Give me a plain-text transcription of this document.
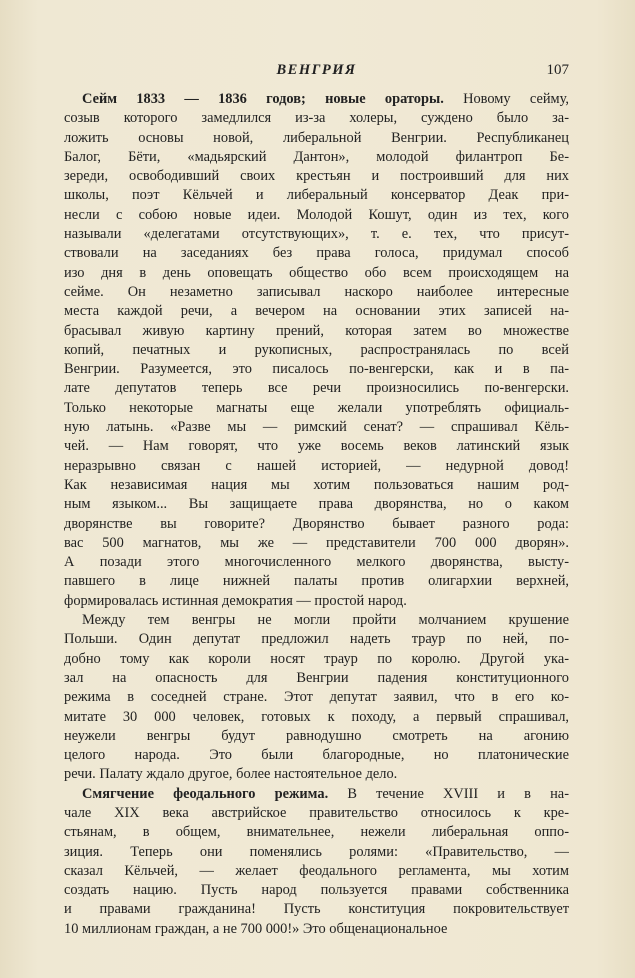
ВЕНГРИЯ	107
Сейм 1833 — 1836 годов; новые ораторы. Новому сейму,
созыв которого замедлился из-за холеры, суждено было за-
ложить основы новой, либеральной Венгрии. Республиканец
Балог, Бёти, «мадьярский Дантон», молодой филантроп Бе-
зереди, освободивший своих крестьян и построивший для них
школы, поэт Кёльчей и либеральный консерватор Деак при-
несли с собою новые идеи. Молодой Кошут, один из тех, кого
называли «делегатами отсутствующих», т. е. тех, что присут-
ствовали на заседаниях без права голоса, придумал способ
изо дня в день оповещать общество обо всем происходящем на
сейме. Он незаметно записывал наскоро наиболее интересные
места каждой речи, а вечером на основании этих записей на-
брасывал живую картину прений, которая затем во множестве
копий, печатных и рукописных, распространялась по всей
Венгрии. Разумеется, это писалось по-венгерски, как и в па-
лате депутатов теперь все речи произносились по-венгерски.
Только некоторые магнаты еще желали употреблять официаль-
ную латынь. «Разве мы — римский сенат? — спрашивал Кёль-
чей. — Нам говорят, что уже восемь веков латинский язык
неразрывно связан с нашей историей, — недурной довод!
Как независимая нация мы хотим пользоваться нашим род-
ным языком... Вы защищаете права дворянства, но о каком
дворянстве вы говорите? Дворянство бывает разного рода:
вас 500 магнатов, мы же — представители 700 000 дворян».
А позади этого многочисленного мелкого дворянства, высту-
павшего в лице нижней палаты против олигархии верхней,
формировалась истинная демократия — простой народ.
Между тем венгры не могли пройти молчанием крушение
Польши. Один депутат предложил надеть траур по ней, по-
добно тому как короли носят траур по королю. Другой ука-
зал на опасность для Венгрии падения конституционного
режима в соседней стране. Этот депутат заявил, что в его ко-
митате 30 000 человек, готовых к походу, а первый спрашивал,
неужели венгры будут равнодушно смотреть на агонию
целого народа. Это были благородные, но платонические
речи. Палату ждало другое, более настоятельное дело.
Смягчение феодального режима. В течение XVIII и в на-
чале XIX века австрийское правительство относилось к кре-
стьянам, в общем, внимательнее, нежели либеральная оппо-
зиция. Теперь они поменялись ролями: «Правительство, —
сказал Кёльчей, — желает феодального регламента, мы хотим
создать нацию. Пусть народ пользуется правами собственника
и правами гражданина! Пусть конституция покровительствует
10 миллионам граждан, а не 700 000!» Это общенациональное
